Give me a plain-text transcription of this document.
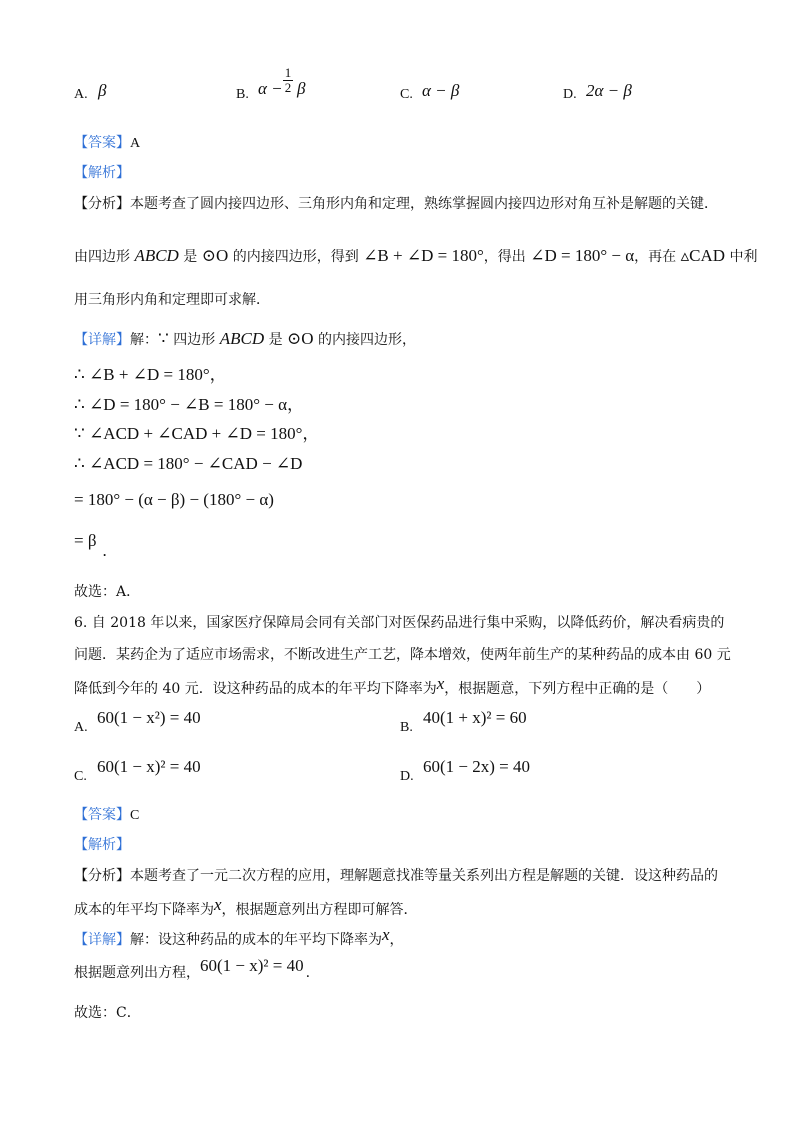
A. β	B. α −
1
2 β	C. α − β	D. 2α − β
【答案】A
【解析】
【分析】本题考查了圆内接四边形、三角形内角和定理，熟练掌握圆内接四边形对角互补是解题的关键．
由四边形 ABCD 是 ⊙O 的内接四边形，得到 ∠B + ∠D = 180°，得出 ∠D = 180° − α，再在 ▵CAD 中利
用三角形内角和定理即可求解．
【详解】解：∵ 四边形 ABCD 是 ⊙O 的内接四边形，
∴ ∠B + ∠D = 180°，
∴ ∠D = 180° − ∠B = 180° − α，
∵ ∠ACD + ∠CAD + ∠D = 180°，
∴ ∠ACD = 180° − ∠CAD − ∠D
= 180° − (α − β) − (180° − α)
= β.
故选：A．
6. 自 2018 年以来，国家医疗保障局会同有关部门对医保药品进行集中采购，以降低药价，解决看病贵的
问题．某药企为了适应市场需求，不断改进生产工艺，降本增效，使两年前生产的某种药品的成本由 60 元
降低到今年的 40 元．设这种药品的成本的年平均下降率为x，根据题意，下列方程中正确的是（　　）
A.
60(1 − x²) = 40
B.
40(1 + x)² = 60
C.
60(1 − x)² = 40
D.
60(1 − 2x) = 40
【答案】C
【解析】
【分析】本题考查了一元二次方程的应用，理解题意找准等量关系列出方程是解题的关键．设这种药品的
成本的年平均下降率为x，根据题意列出方程即可解答．
【详解】解：设这种药品的成本的年平均下降率为x，
根据题意列出方程，60(1 − x)² = 40 .
故选：C．
